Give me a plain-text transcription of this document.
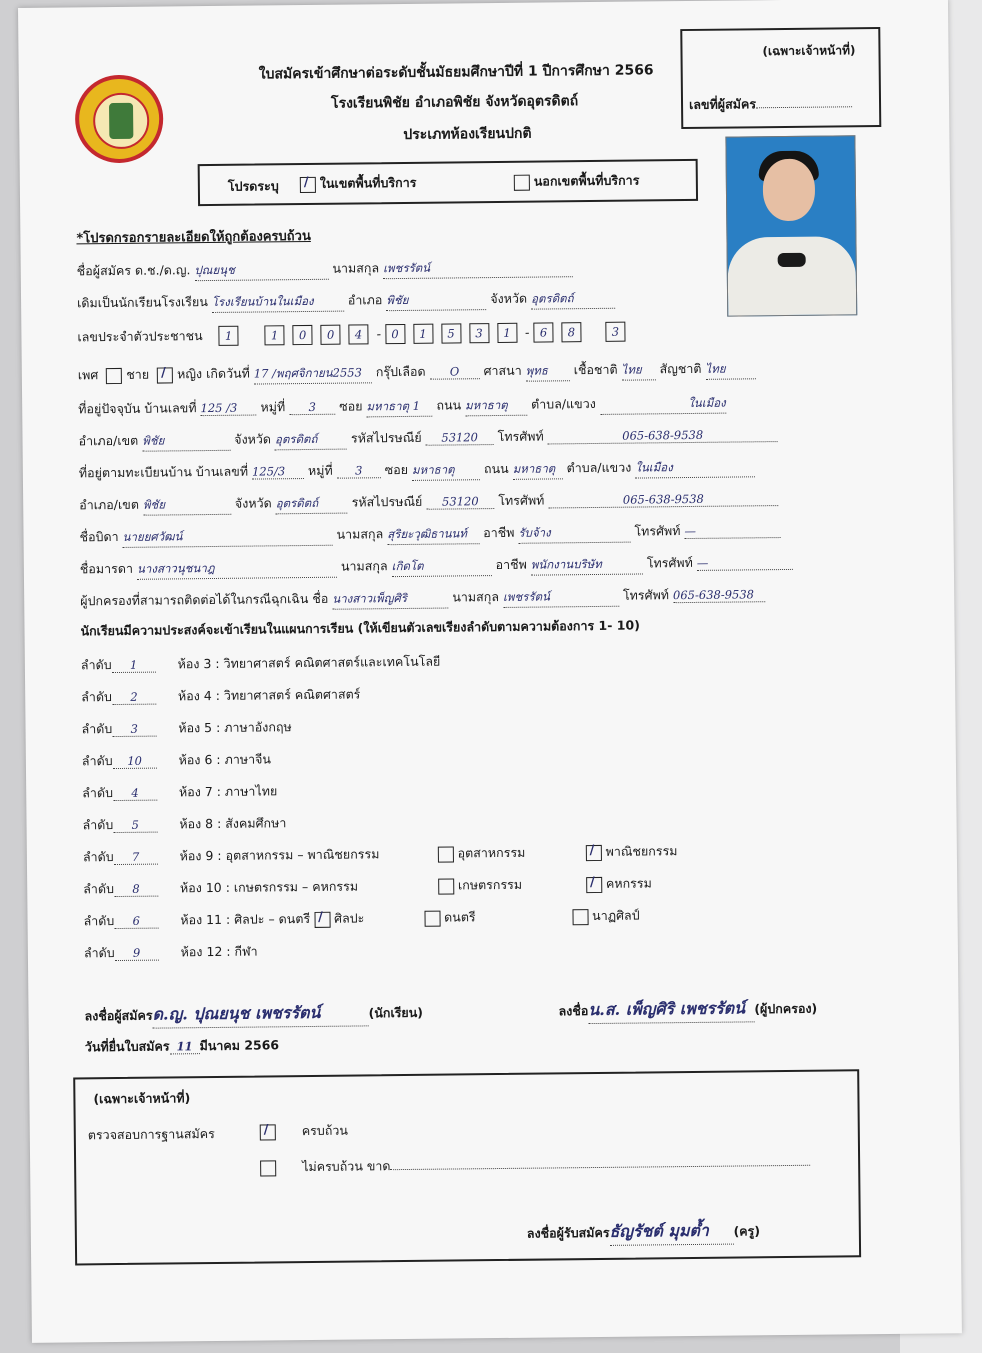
ใบสมัครเข้าศึกษาต่อระดับชั้นมัธยมศึกษาปีที่ 1 ปีการศึกษา 2566
โรงเรียนพิชัย อำเภอพิชัย จังหวัดอุตรดิตถ์
ประเภทห้องเรียนปกติ
(เฉพาะเจ้าหน้าที่)
เลขที่ผู้สมัคร
โปรดระบุ /	ในเขตพื้นที่บริการ	นอกเขตพื้นที่บริการ
*โปรดกรอกรายละเอียดให้ถูกต้องครบถ้วน
ชื่อผู้สมัคร ด.ช./ด.ญ. ปุณยนุช	นามสกุล เพชรรัตน์
เดิมเป็นนักเรียนโรงเรียน โรงเรียนบ้านในเมือง	อำเภอ พิชัย	จังหวัด อุตรดิตถ์
เลขประจำตัวประชาชน 1	1 0 0 4 - 0 1 5 3 1 - 6 8	3
เพศ ชาย / หญิง เกิดวันที่ 17 /พฤศจิกายน2553 กรุ๊ปเลือด O ศาสนา พุทธ เชื้อชาติ ไทย สัญชาติ ไทย
ที่อยู่ปัจจุบัน บ้านเลขที่ 125 /3 หมู่ที่ 3 ซอย มหาธาตุ 1 ถนน มหาธาตุ ตำบล/แขวง	ในเมือง
อำเภอ/เขต พิชัย	จังหวัด อุตรดิตถ์	รหัสไปรษณีย์ 53120 โทรศัพท์	065-638-9538
ที่อยู่ตามทะเบียนบ้าน บ้านเลขที่ 125/3 หมู่ที่ 3 ซอย มหาธาตุ ถนน มหาธาตุ ตำบล/แขวง ในเมือง
อำเภอ/เขต พิชัย	จังหวัด อุตรดิตถ์	รหัสไปรษณีย์ 53120 โทรศัพท์	065-638-9538
ชื่อบิดา นายยศวัฒน์	นามสกุล สุริยะวุฒิธานนท์ อาชีพ รับจ้าง	โทรศัพท์ —
ชื่อมารดา นางสาวนุชนาฎ	นามสกุล เกิดโต	อาชีพ พนักงานบริษัท	โทรศัพท์ —
ผู้ปกครองที่สามารถติดต่อได้ในกรณีฉุกเฉิน ชื่อ นางสาวเพ็ญศิริ	นามสกุล เพชรรัตน์	โทรศัพท์ 065-638-9538
นักเรียนมีความประสงค์จะเข้าเรียนในแผนการเรียน (ให้เขียนตัวเลขเรียงลำดับตามความต้องการ 1- 10)
ลำดับ 1	ห้อง 3 : วิทยาศาสตร์ คณิตศาสตร์และเทคโนโลยี
ลำดับ 2	ห้อง 4 : วิทยาศาสตร์ คณิตศาสตร์
ลำดับ 3	ห้อง 5 : ภาษาอังกฤษ
ลำดับ 10	ห้อง 6 : ภาษาจีน
ลำดับ 4	ห้อง 7 : ภาษาไทย
ลำดับ 5	ห้อง 8 : สังคมศึกษา
ลำดับ 7	ห้อง 9 : อุตสาหกรรม – พาณิชยกรรม	อุตสาหกรรม /	พาณิชยกรรม
ลำดับ 8	ห้อง 10 : เกษตรกรรม – คหกรรม	เกษตรกรรม /	คหกรรม
ลำดับ 6	ห้อง 11 : ศิลปะ – ดนตรี / ศิลปะ	ดนตรี	นาฏศิลป์
ลำดับ 9	ห้อง 12 : กีฬา
ลงชื่อผู้สมัครด.ญ. ปุณยนุช เพชรรัตน์	(นักเรียน)	ลงชื่อน.ส. เพ็ญศิริ เพชรรัตน์ (ผู้ปกครอง)
วันที่ยื่นใบสมัคร 11 มีนาคม 2566
(เฉพาะเจ้าหน้าที่)
ตรวจสอบการฐานสมัคร /	ครบถ้วน
ไม่ครบถ้วน ขาด
ลงชื่อผู้รับสมัครธัญรัชต์ มุมต้ำ (ครู)
